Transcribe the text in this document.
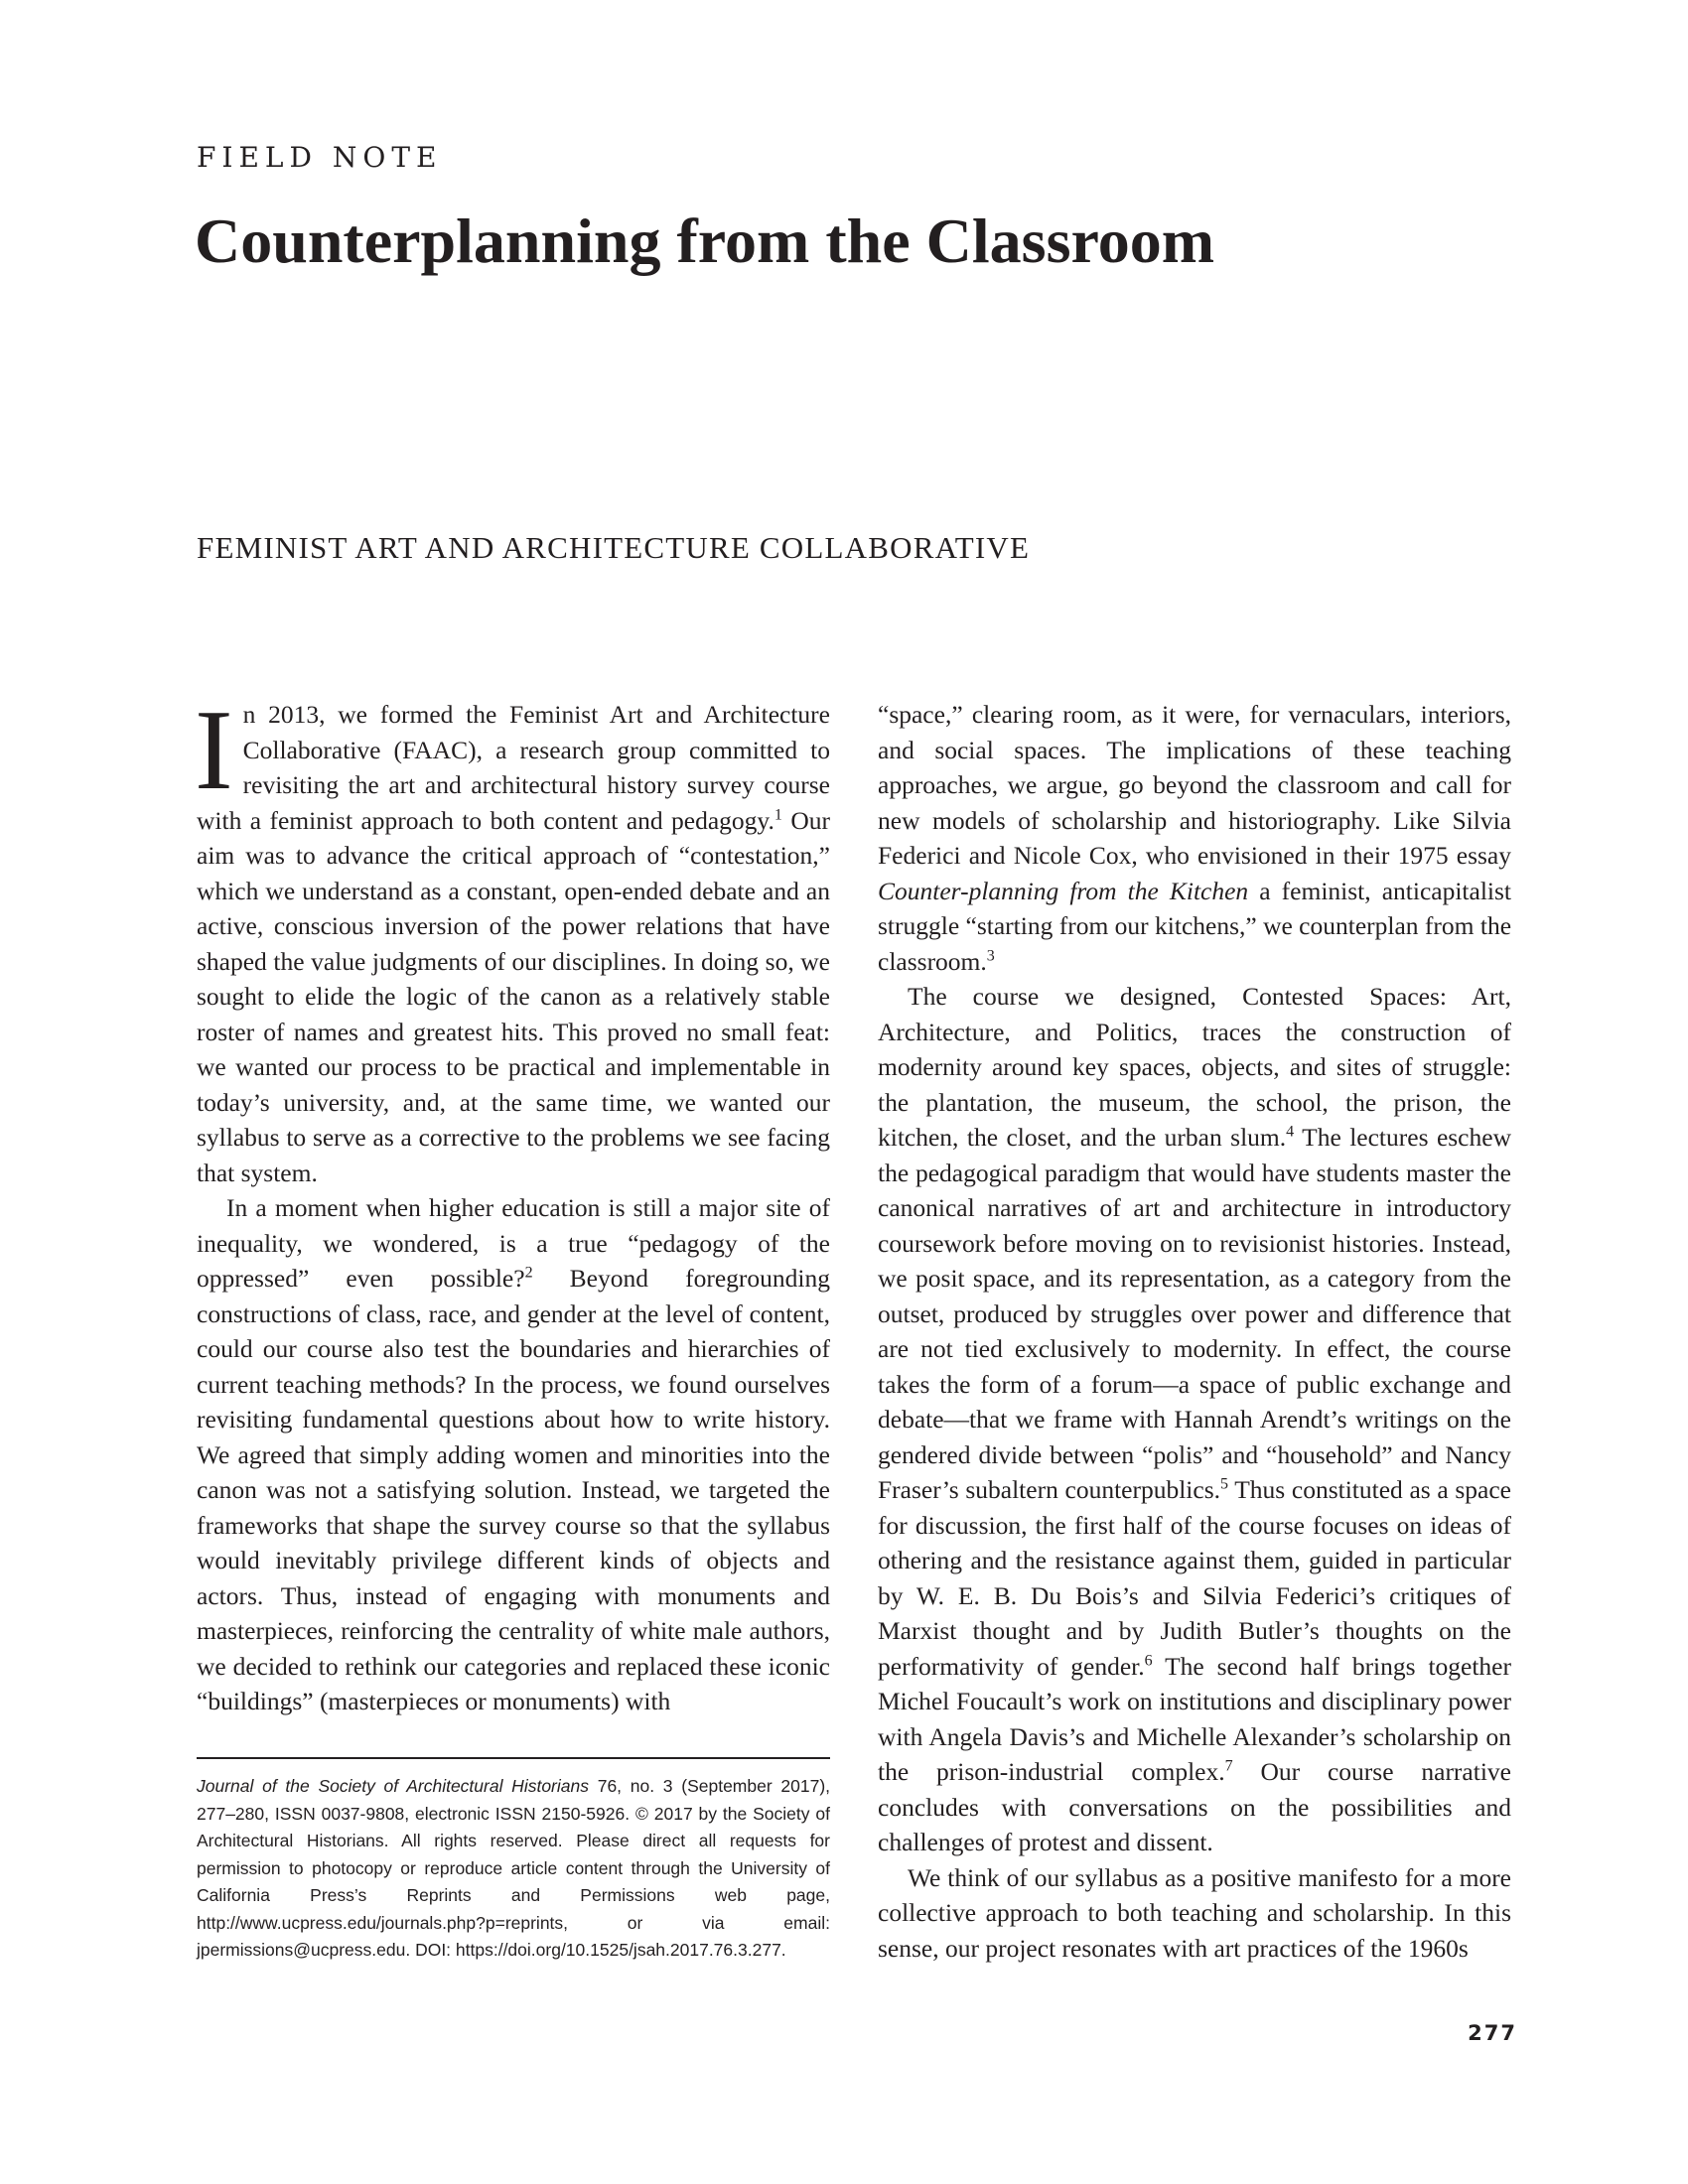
FIELD NOTE
Counterplanning from the Classroom
FEMINIST ART AND ARCHITECTURE COLLABORATIVE

In 2013, we formed the Feminist Art and Architecture Collaborative (FAAC), a research group committed to revisiting the art and architectural history survey course with a feminist approach to both content and pedagogy.$^1$ Our aim was to advance the critical approach of “contestation,” which we understand as a constant, open-ended debate and an active, conscious inversion of the power relations that have shaped the value judgments of our disciplines. In doing so, we sought to elide the logic of the canon as a relatively stable roster of names and greatest hits. This proved no small feat: we wanted our process to be practical and implementable in today’s university, and, at the same time, we wanted our syllabus to serve as a corrective to the problems we see facing that system.

In a moment when higher education is still a major site of inequality, we wondered, is a true “pedagogy of the oppressed” even possible?$^2$ Beyond foregrounding constructions of class, race, and gender at the level of content, could our course also test the boundaries and hierarchies of current teaching methods? In the process, we found ourselves revisiting fundamental questions about how to write history. We agreed that simply adding women and minorities into the canon was not a satisfying solution. Instead, we targeted the frameworks that shape the survey course so that the syllabus would inevitably privilege different kinds of objects and actors. Thus, instead of engaging with monuments and masterpieces, reinforcing the centrality of white male authors, we decided to rethink our categories and replaced these iconic “buildings” (masterpieces or monuments) with

Journal of the Society of Architectural Historians 76, no. 3 (September 2017), 277–280, ISSN 0037-9808, electronic ISSN 2150-5926. © 2017 by the Society of Architectural Historians. All rights reserved. Please direct all requests for permission to photocopy or reproduce article content through the University of California Press’s Reprints and Permissions web page, http://www.ucpress.edu/journals.php?p=reprints, or via email: jpermissions@ucpress.edu. DOI: https://doi.org/10.1525/jsah.2017.76.3.277.

“space,” clearing room, as it were, for vernaculars, interiors, and social spaces. The implications of these teaching approaches, we argue, go beyond the classroom and call for new models of scholarship and historiography. Like Silvia Federici and Nicole Cox, who envisioned in their 1975 essay Counter-planning from the Kitchen a feminist, anticapitalist struggle “starting from our kitchens,” we counterplan from the classroom.$^3$

The course we designed, Contested Spaces: Art, Architecture, and Politics, traces the construction of modernity around key spaces, objects, and sites of struggle: the plantation, the museum, the school, the prison, the kitchen, the closet, and the urban slum.$^4$ The lectures eschew the pedagogical paradigm that would have students master the canonical narratives of art and architecture in introductory coursework before moving on to revisionist histories. Instead, we posit space, and its representation, as a category from the outset, produced by struggles over power and difference that are not tied exclusively to modernity. In effect, the course takes the form of a forum—a space of public exchange and debate—that we frame with Hannah Arendt’s writings on the gendered divide between “polis” and “household” and Nancy Fraser’s subaltern counterpublics.$^5$ Thus constituted as a space for discussion, the first half of the course focuses on ideas of othering and the resistance against them, guided in particular by W. E. B. Du Bois’s and Silvia Federici’s critiques of Marxist thought and by Judith Butler’s thoughts on the performativity of gender.$^6$ The second half brings together Michel Foucault’s work on institutions and disciplinary power with Angela Davis’s and Michelle Alexander’s scholarship on the prison-industrial complex.$^7$ Our course narrative concludes with conversations on the possibilities and challenges of protest and dissent.

We think of our syllabus as a positive manifesto for a more collective approach to both teaching and scholarship. In this sense, our project resonates with art practices of the 1960s

277
